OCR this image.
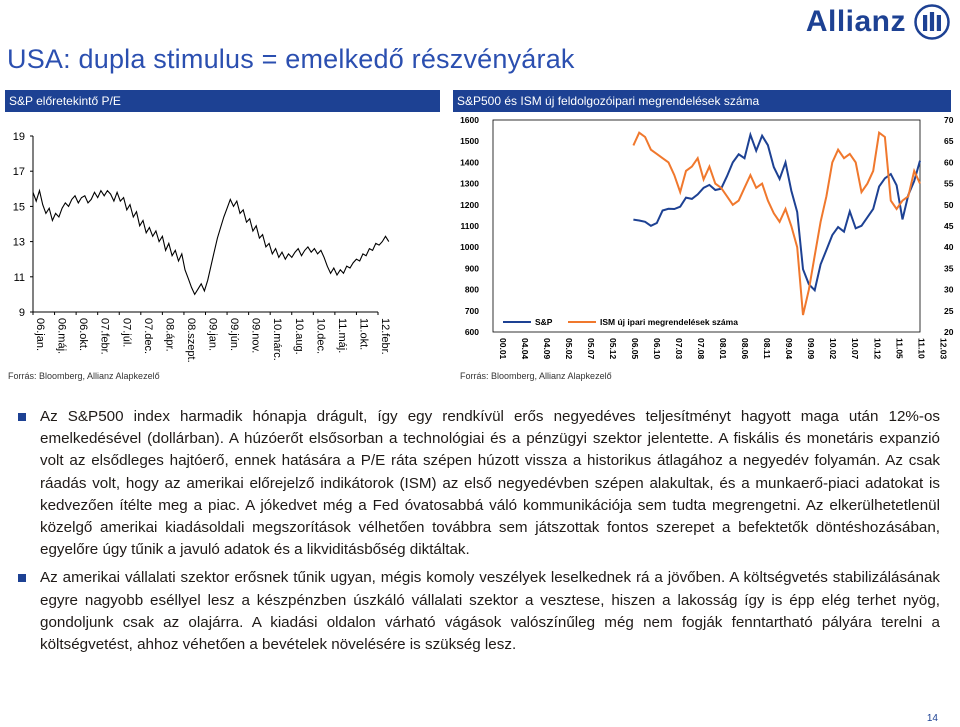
USA: dupla stimulus = emelkedő részvényárak
Allianz
S&P előretekintő P/E
9
11
13
15
17
19
06.jan. 06.máj. 06.okt. 07.febr. 07.júl. 07.dec. 08.ápr. 08.szept. 09.jan. 09.jún. 09.nov. 10.márc. 10.aug. 10.dec. 11.máj. 11.okt. 12.febr.
Forrás: Bloomberg, Allianz Alapkezelő
S&P500 és ISM új feldolgozóipari megrendelések száma
600
700
800
900
1000
1100
1200
1300
1400
1500
1600
20
25
30
35
40
45
50
55
60
65
70
00.01 04.04 04.09 05.02 05.07 05.12 06.05 06.10 07.03 07.08 08.01 08.06 08.11 09.04 09.09 10.02 10.07 10.12 11.05 11.10 12.03
S&P	ISM új ipari megrendelések száma
Forrás: Bloomberg, Allianz Alapkezelő
Az S&P500 index harmadik hónapja drágult, így egy rendkívül erős negyedéves teljesítményt hagyott maga után 12%-os emelkedésével (dollárban). A húzóerőt elsősorban a technológiai és a pénzügyi szektor jelentette. A fiskális és monetáris expanzió volt az elsődleges hajtóerő, ennek hatására a P/E ráta szépen húzott vissza a historikus átlagához a negyedév folyamán. Az csak ráadás volt, hogy az amerikai előrejelző indikátorok (ISM) az első negyedévben szépen alakultak, és a munkaerő-piaci adatokat is kedvezően ítélte meg a piac. A jókedvet még a Fed óvatosabbá váló kommunikációja sem tudta megrengetni. Az elkerülhetetlenül közelgő amerikai kiadásoldali megszorítások vélhetően továbbra sem játszottak fontos szerepet a befektetők döntéshozásában, egyelőre úgy tűnik a javuló adatok és a likviditásbőség diktáltak.
Az amerikai vállalati szektor erősnek tűnik ugyan, mégis komoly veszélyek leselkednek rá a jövőben. A költségvetés stabilizálásának egyre nagyobb eséllyel lesz a készpénzben úszkáló vállalati szektor a vesztese, hiszen a lakosság így is épp elég terhet nyög, gondoljunk csak az olajárra. A kiadási oldalon várható vágások valószínűleg még nem fogják fenntartható pályára terelni a költségvetést, ahhoz véhetően a bevételek növelésére is szükség lesz.
14
